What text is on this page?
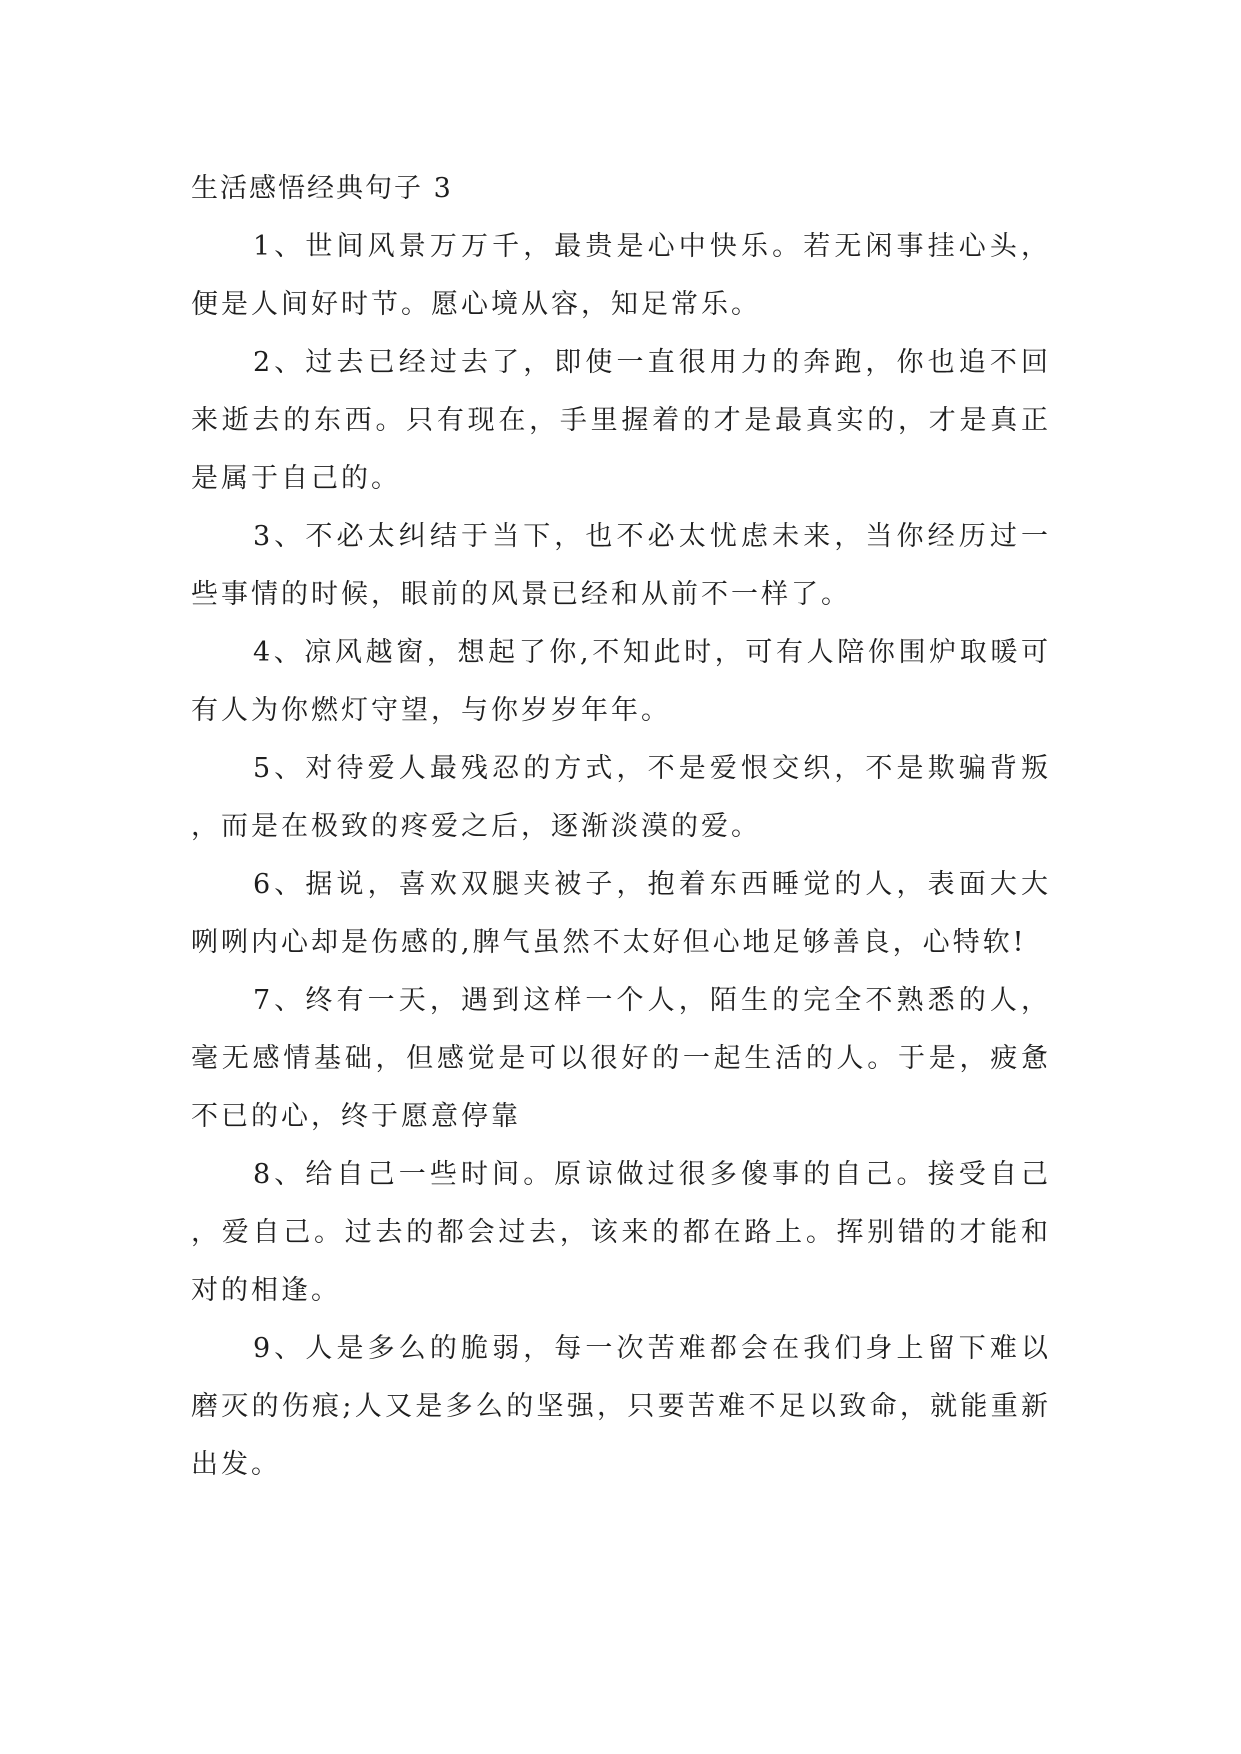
生活感悟经典句子 3

1、世间风景万万千，最贵是心中快乐。若无闲事挂心头，便是人间好时节。愿心境从容，知足常乐。

2、过去已经过去了，即使一直很用力的奔跑，你也追不回来逝去的东西。只有现在，手里握着的才是最真实的，才是真正是属于自己的。

3、不必太纠结于当下，也不必太忧虑未来，当你经历过一些事情的时候，眼前的风景已经和从前不一样了。

4、凉风越窗，想起了你,不知此时，可有人陪你围炉取暖可有人为你燃灯守望，与你岁岁年年。

5、对待爱人最残忍的方式，不是爱恨交织，不是欺骗背叛，而是在极致的疼爱之后，逐渐淡漠的爱。

6、据说，喜欢双腿夹被子，抱着东西睡觉的人，表面大大咧咧内心却是伤感的,脾气虽然不太好但心地足够善良，心特软!

7、终有一天，遇到这样一个人，陌生的完全不熟悉的人，毫无感情基础，但感觉是可以很好的一起生活的人。于是，疲惫不已的心，终于愿意停靠

8、给自己一些时间。原谅做过很多傻事的自己。接受自己，爱自己。过去的都会过去，该来的都在路上。挥别错的才能和对的相逢。

9、人是多么的脆弱，每一次苦难都会在我们身上留下难以磨灭的伤痕;人又是多么的坚强，只要苦难不足以致命，就能重新出发。
